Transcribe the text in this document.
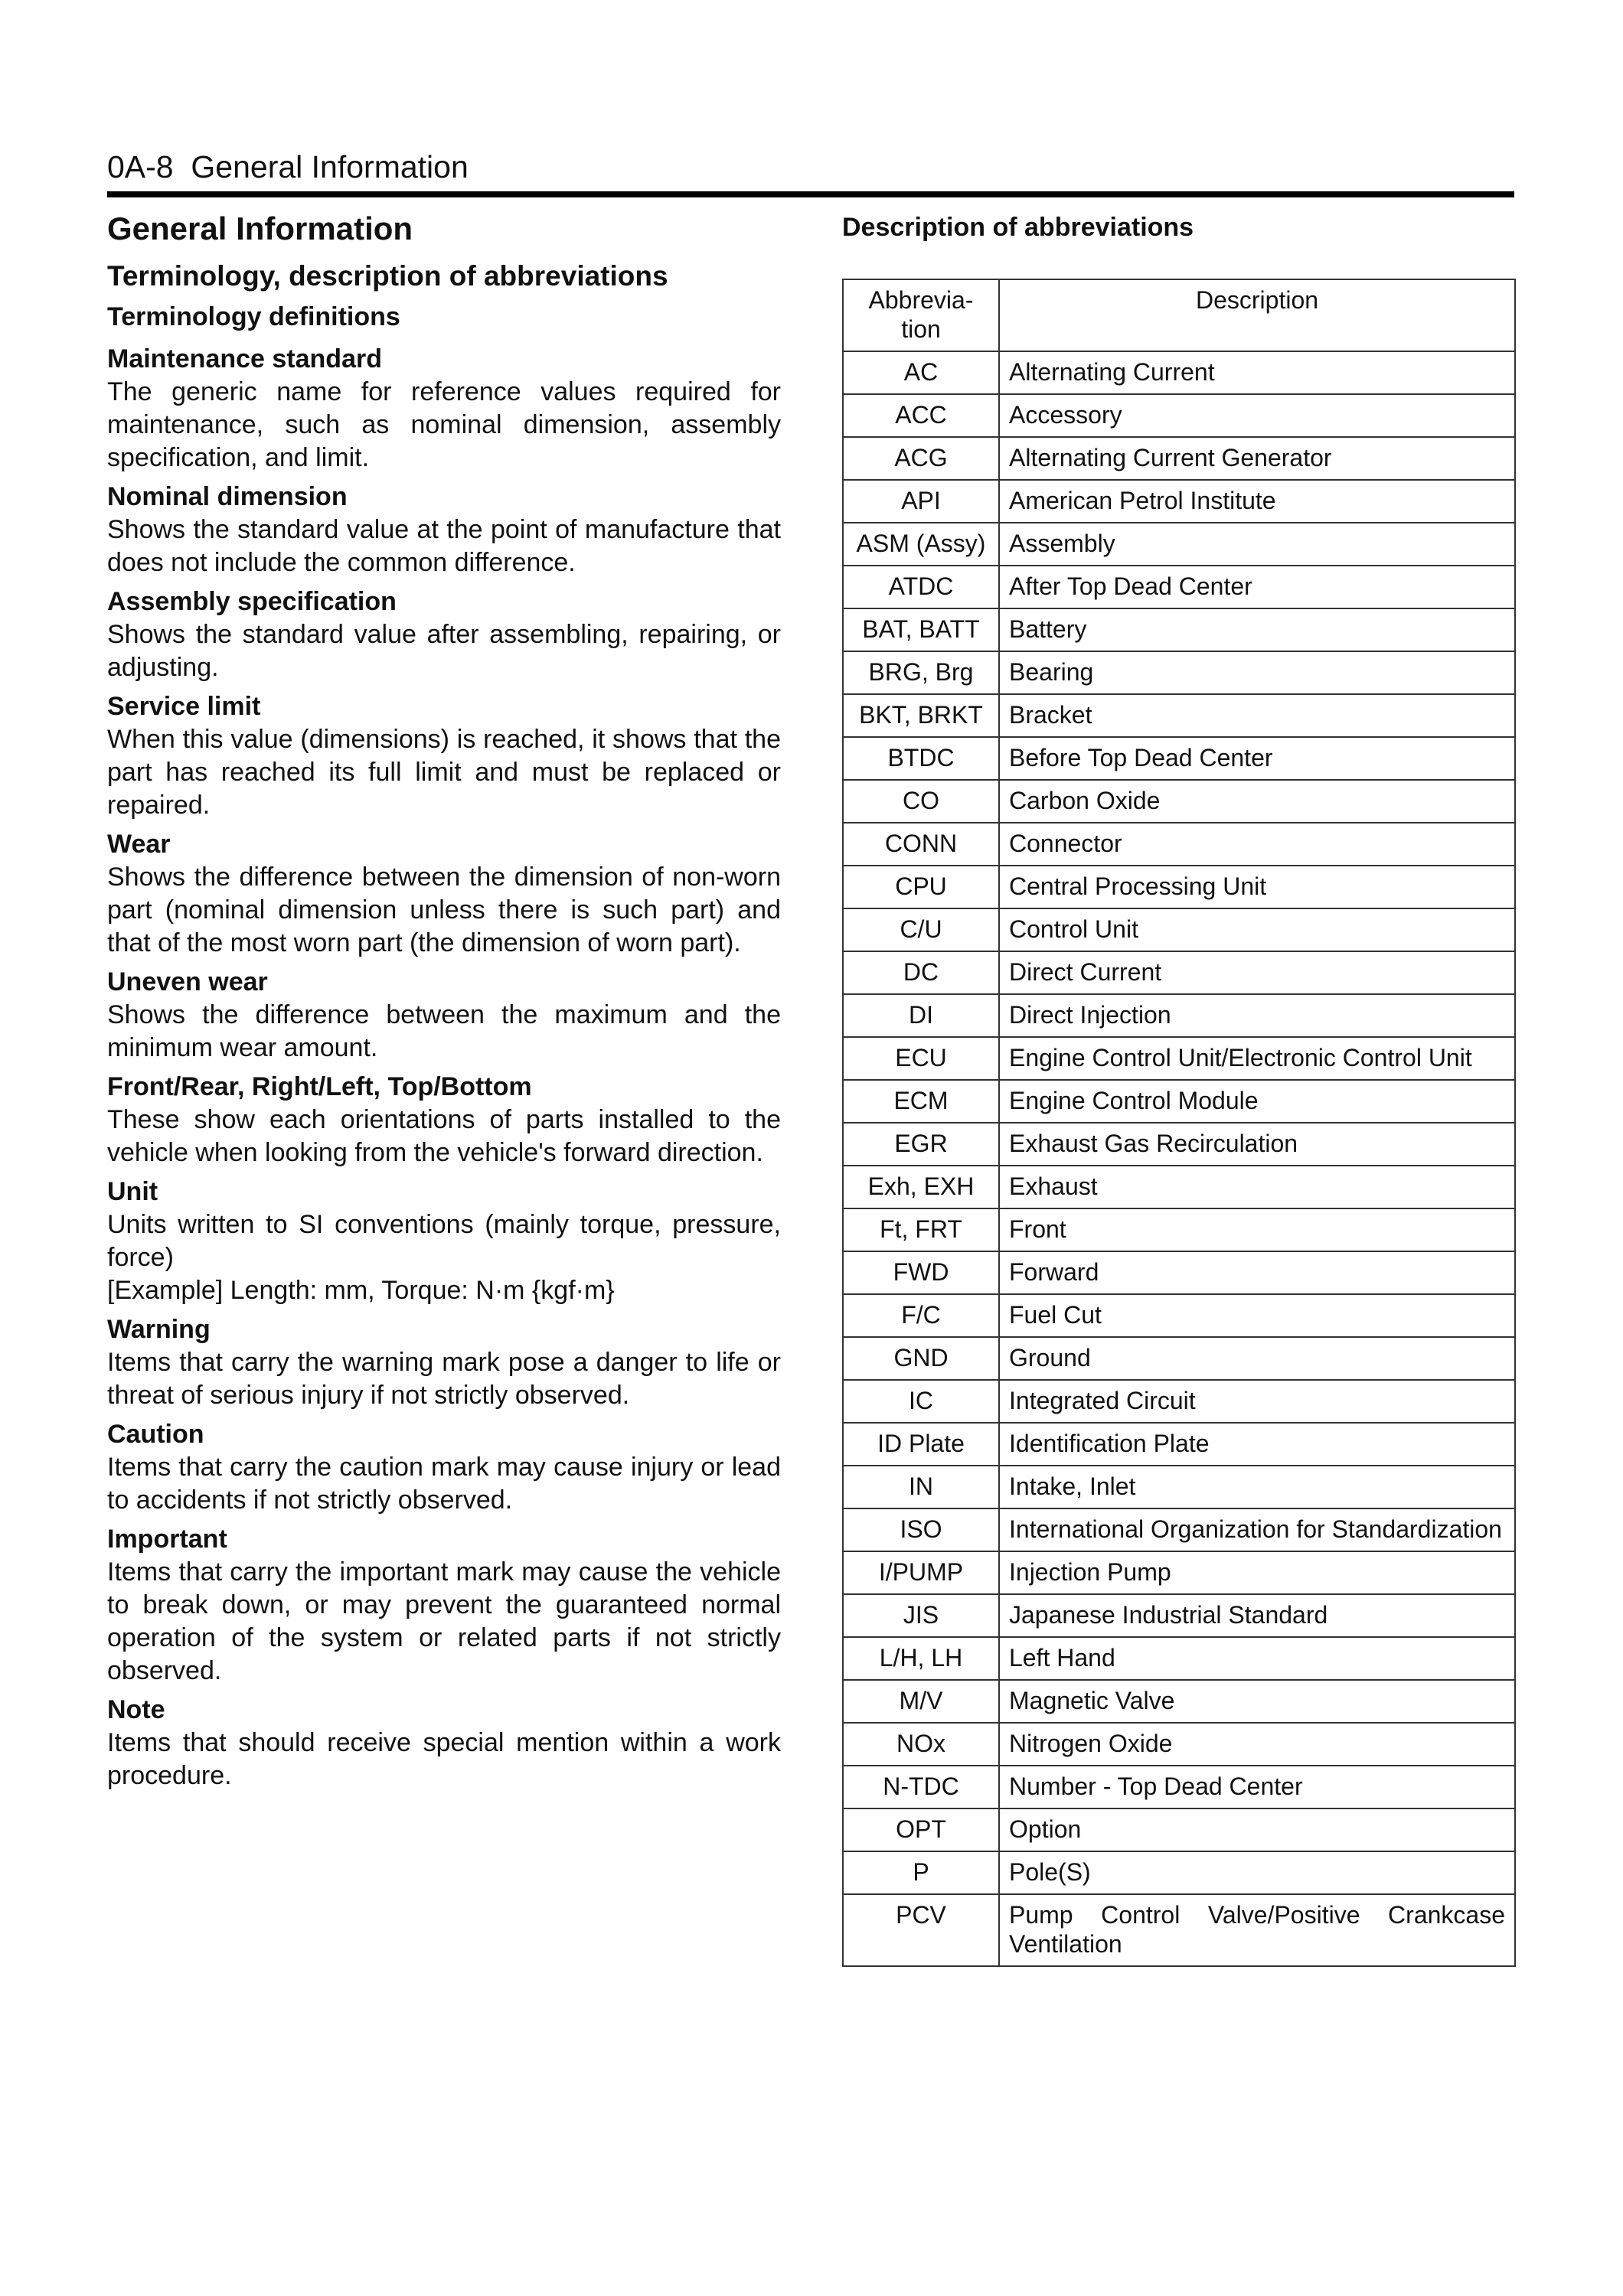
0A-8 General Information
General Information
Terminology, description of abbreviations
Terminology definitions
Maintenance standard
The generic name for reference values required for maintenance, such as nominal dimension, assembly specification, and limit.
Nominal dimension
Shows the standard value at the point of manufacture that does not include the common difference.
Assembly specification
Shows the standard value after assembling, repairing, or adjusting.
Service limit
When this value (dimensions) is reached, it shows that the part has reached its full limit and must be replaced or repaired.
Wear
Shows the difference between the dimension of non-worn part (nominal dimension unless there is such part) and that of the most worn part (the dimension of worn part).
Uneven wear
Shows the difference between the maximum and the minimum wear amount.
Front/Rear, Right/Left, Top/Bottom
These show each orientations of parts installed to the vehicle when looking from the vehicle's forward direction.
Unit
Units written to SI conventions (mainly torque, pressure, force)
[Example] Length: mm, Torque: N·m {kgf·m}
Warning
Items that carry the warning mark pose a danger to life or threat of serious injury if not strictly observed.
Caution
Items that carry the caution mark may cause injury or lead to accidents if not strictly observed.
Important
Items that carry the important mark may cause the vehicle to break down, or may prevent the guaranteed normal operation of the system or related parts if not strictly observed.
Note
Items that should receive special mention within a work procedure.
Description of abbreviations
Abbrevia-
tion	Description
AC	Alternating Current
ACC	Accessory
ACG	Alternating Current Generator
API	American Petrol Institute
ASM (Assy)	Assembly
ATDC	After Top Dead Center
BAT, BATT	Battery
BRG, Brg	Bearing
BKT, BRKT	Bracket
BTDC	Before Top Dead Center
CO	Carbon Oxide
CONN	Connector
CPU	Central Processing Unit
C/U	Control Unit
DC	Direct Current
DI	Direct Injection
ECU	Engine Control Unit/Electronic Control Unit
ECM	Engine Control Module
EGR	Exhaust Gas Recirculation
Exh, EXH	Exhaust
Ft, FRT	Front
FWD	Forward
F/C	Fuel Cut
GND	Ground
IC	Integrated Circuit
ID Plate	Identification Plate
IN	Intake, Inlet
ISO	International Organization for Standardization
I/PUMP	Injection Pump
JIS	Japanese Industrial Standard
L/H, LH	Left Hand
M/V	Magnetic Valve
NOx	Nitrogen Oxide
N-TDC	Number - Top Dead Center
OPT	Option
P	Pole(S)
PCV	Pump Control Valve/Positive Crankcase Ventilation
